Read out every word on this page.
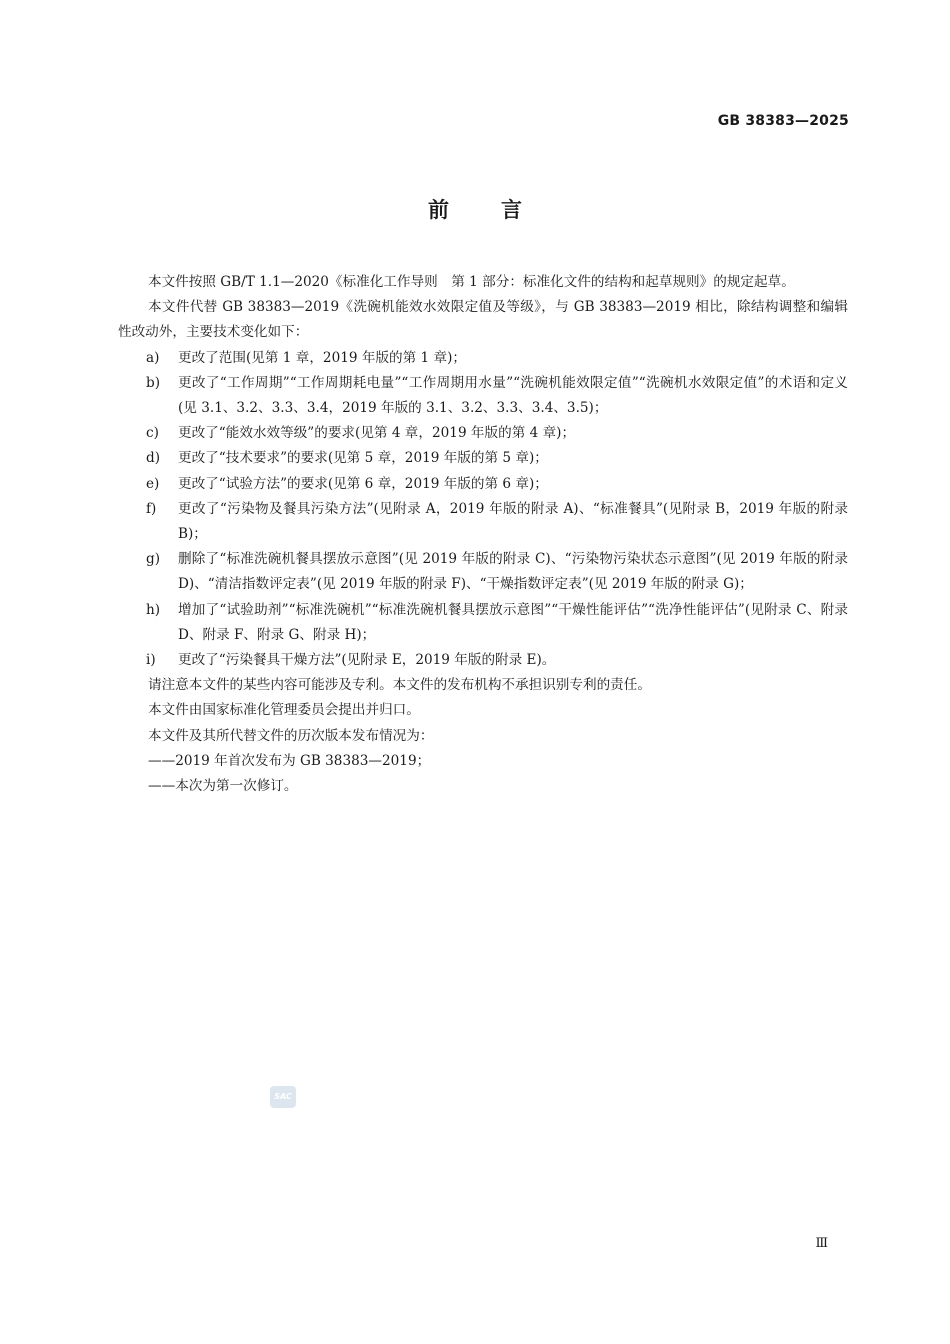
GB 38383—2025
前 言

本文件按照 GB/T 1.1—2020《标准化工作导则　第 1 部分：标准化文件的结构和起草规则》的规定起草。

本文件代替 GB 38383—2019《洗碗机能效水效限定值及等级》，与 GB 38383—2019 相比，除结构调整和编辑性改动外，主要技术变化如下：

a)	更改了范围(见第 1 章，2019 年版的第 1 章)；
b)	更改了“工作周期”“工作周期耗电量”“工作周期用水量”“洗碗机能效限定值”“洗碗机水效限定值”的术语和定义(见 3.1、3.2、3.3、3.4，2019 年版的 3.1、3.2、3.3、3.4、3.5)；
c)	更改了“能效水效等级”的要求(见第 4 章，2019 年版的第 4 章)；
d)	更改了“技术要求”的要求(见第 5 章，2019 年版的第 5 章)；
e)	更改了“试验方法”的要求(见第 6 章，2019 年版的第 6 章)；
f)	更改了“污染物及餐具污染方法”(见附录 A，2019 年版的附录 A)、“标准餐具”(见附录 B，2019 年版的附录 B)；
g)	删除了“标准洗碗机餐具摆放示意图”(见 2019 年版的附录 C)、“污染物污染状态示意图”(见 2019 年版的附录 D)、“清洁指数评定表”(见 2019 年版的附录 F)、“干燥指数评定表”(见 2019 年版的附录 G)；
h)	增加了“试验助剂”“标准洗碗机”“标准洗碗机餐具摆放示意图”“干燥性能评估”“洗净性能评估”(见附录 C、附录 D、附录 F、附录 G、附录 H)；
i)	更改了“污染餐具干燥方法”(见附录 E，2019 年版的附录 E)。

请注意本文件的某些内容可能涉及专利。本文件的发布机构不承担识别专利的责任。

本文件由国家标准化管理委员会提出并归口。

本文件及其所代替文件的历次版本发布情况为：

——2019 年首次发布为 GB 38383—2019；

——本次为第一次修订。

SAC
Ⅲ
